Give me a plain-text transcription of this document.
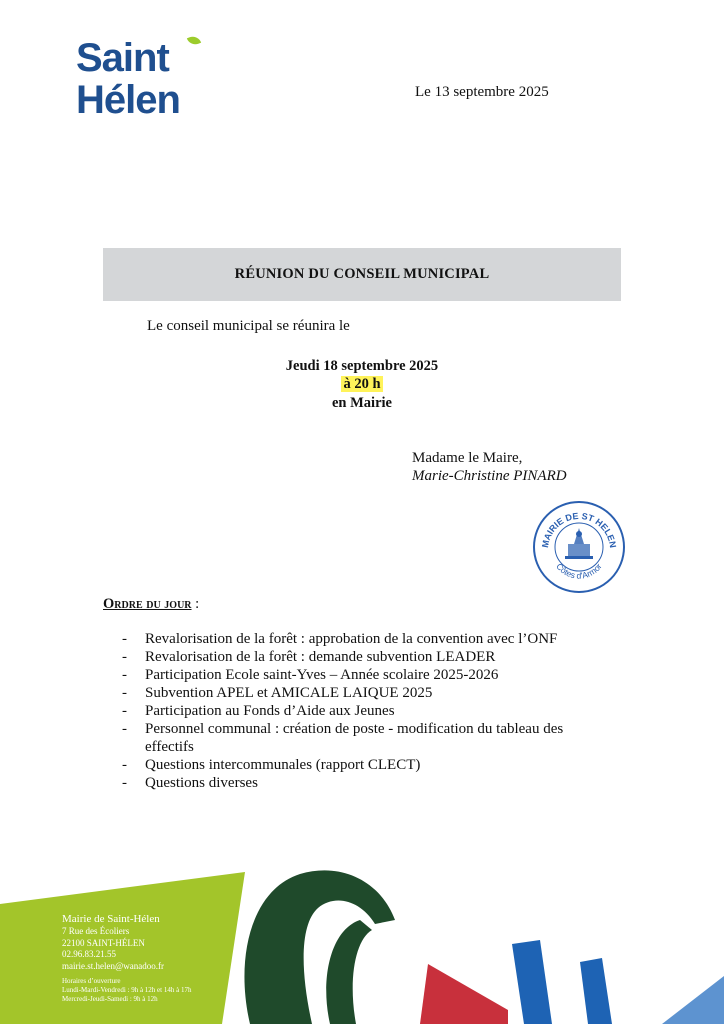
Saint
Hélen	Le 13 septembre 2025
RÉUNION DU CONSEIL MUNICIPAL
Le conseil municipal se réunira le
Jeudi 18 septembre 2025
à 20 h
en Mairie
Madame le Maire,
Marie-Christine PINARD
MAIRIE DE ST HELEN
Côtes d'Armor
Ordre du jour :
- Revalorisation de la forêt : approbation de la convention avec l’ONF
- Revalorisation de la forêt : demande subvention LEADER
- Participation Ecole saint-Yves – Année scolaire 2025-2026
- Subvention APEL et AMICALE LAIQUE 2025
- Participation au Fonds d’Aide aux Jeunes
- Personnel communal : création de poste - modification du tableau des effectifs
- Questions intercommunales (rapport CLECT)
- Questions diverses
Mairie de Saint-Hélen
7 Rue des Écoliers
22100 SAINT-HÉLEN
02.96.83.21.55
mairie.st.helen@wanadoo.fr
Horaires d’ouverture
Lundi-Mardi-Vendredi : 9h à 12h et 14h à 17h
Mercredi-Jeudi-Samedi : 9h à 12h
